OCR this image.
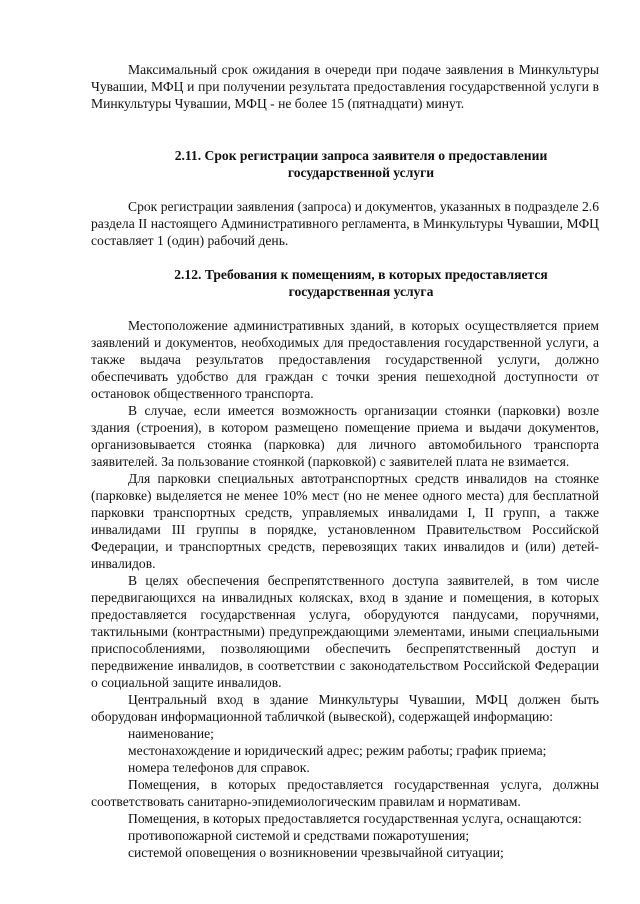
Максимальный срок ожидания в очереди при подаче заявления в Минкультуры Чувашии, МФЦ и при получении результата предоставления государственной услуги в Минкультуры Чувашии, МФЦ - не более 15 (пятнадцати) минут.

2.11. Срок регистрации запроса заявителя о предоставлении
государственной услуги

Срок регистрации заявления (запроса) и документов, указанных в подразделе 2.6 раздела II настоящего Административного регламента, в Минкультуры Чувашии, МФЦ составляет 1 (один) рабочий день.

2.12. Требования к помещениям, в которых предоставляется
государственная услуга

Местоположение административных зданий, в которых осуществляется прием заявлений и документов, необходимых для предоставления государственной услуги, а также выдача результатов предоставления государственной услуги, должно обеспечивать удобство для граждан с точки зрения пешеходной доступности от остановок общественного транспорта.

В случае, если имеется возможность организации стоянки (парковки) возле здания (строения), в котором размещено помещение приема и выдачи документов, организовывается стоянка (парковка) для личного автомобильного транспорта заявителей. За пользование стоянкой (парковкой) с заявителей плата не взимается.

Для парковки специальных автотранспортных средств инвалидов на стоянке (парковке) выделяется не менее 10% мест (но не менее одного места) для бесплатной парковки транспортных средств, управляемых инвалидами I, II групп, а также инвалидами III группы в порядке, установленном Правительством Российской Федерации, и транспортных средств, перевозящих таких инвалидов и (или) детей-инвалидов.

В целях обеспечения беспрепятственного доступа заявителей, в том числе передвигающихся на инвалидных колясках, вход в здание и помещения, в которых предоставляется государственная услуга, оборудуются пандусами, поручнями, тактильными (контрастными) предупреждающими элементами, иными специальными приспособлениями, позволяющими обеспечить беспрепятственный доступ и передвижение инвалидов, в соответствии с законодательством Российской Федерации о социальной защите инвалидов.

Центральный вход в здание Минкультуры Чувашии, МФЦ должен быть оборудован информационной табличкой (вывеской), содержащей информацию:

наименование;

местонахождение и юридический адрес; режим работы; график приема;

номера телефонов для справок.

Помещения, в которых предоставляется государственная услуга, должны соответствовать санитарно-эпидемиологическим правилам и нормативам.

Помещения, в которых предоставляется государственная услуга, оснащаются:

противопожарной системой и средствами пожаротушения;

системой оповещения о возникновении чрезвычайной ситуации;
